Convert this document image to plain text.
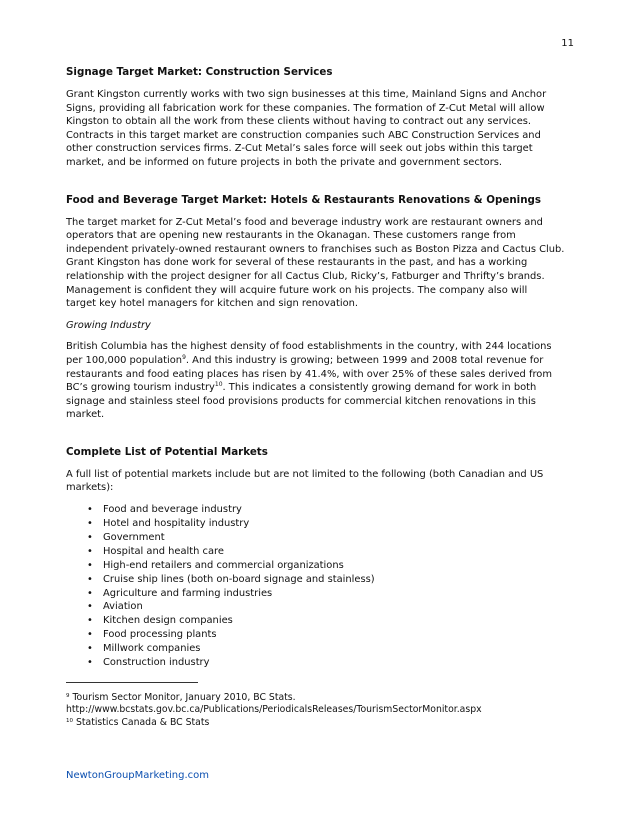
11
Signage Target Market: Construction Services
Grant Kingston currently works with two sign businesses at this time, Mainland Signs and Anchor
Signs, providing all fabrication work for these companies. The formation of Z-Cut Metal will allow
Kingston to obtain all the work from these clients without having to contract out any services.
Contracts in this target market are construction companies such ABC Construction Services and
other construction services firms. Z-Cut Metal’s sales force will seek out jobs within this target
market, and be informed on future projects in both the private and government sectors.
Food and Beverage Target Market: Hotels & Restaurants Renovations & Openings
The target market for Z-Cut Metal’s food and beverage industry work are restaurant owners and
operators that are opening new restaurants in the Okanagan. These customers range from
independent privately-owned restaurant owners to franchises such as Boston Pizza and Cactus Club.
Grant Kingston has done work for several of these restaurants in the past, and has a working
relationship with the project designer for all Cactus Club, Ricky’s, Fatburger and Thrifty’s brands.
Management is confident they will acquire future work on his projects. The company also will
target key hotel managers for kitchen and sign renovation.

Growing Industry

British Columbia has the highest density of food establishments in the country, with 244 locations
per 100,000 population$^9$. And this industry is growing; between 1999 and 2008 total revenue for
restaurants and food eating places has risen by 41.4%, with over 25% of these sales derived from
BC’s growing tourism industry$^{10}$. This indicates a consistently growing demand for work in both
signage and stainless steel food provisions products for commercial kitchen renovations in this
market.
Complete List of Potential Markets
A full list of potential markets include but are not limited to the following (both Canadian and US
markets):
• Food and beverage industry
• Hotel and hospitality industry
• Government
• Hospital and health care
• High-end retailers and commercial organizations
• Cruise ship lines (both on-board signage and stainless)
• Agriculture and farming industries
• Aviation
• Kitchen design companies
• Food processing plants
• Millwork companies
• Construction industry
$^9$ Tourism Sector Monitor, January 2010, BC Stats.
http://www.bcstats.gov.bc.ca/Publications/PeriodicalsReleases/TourismSectorMonitor.aspx
$^{10}$ Statistics Canada & BC Stats
NewtonGroupMarketing.com
